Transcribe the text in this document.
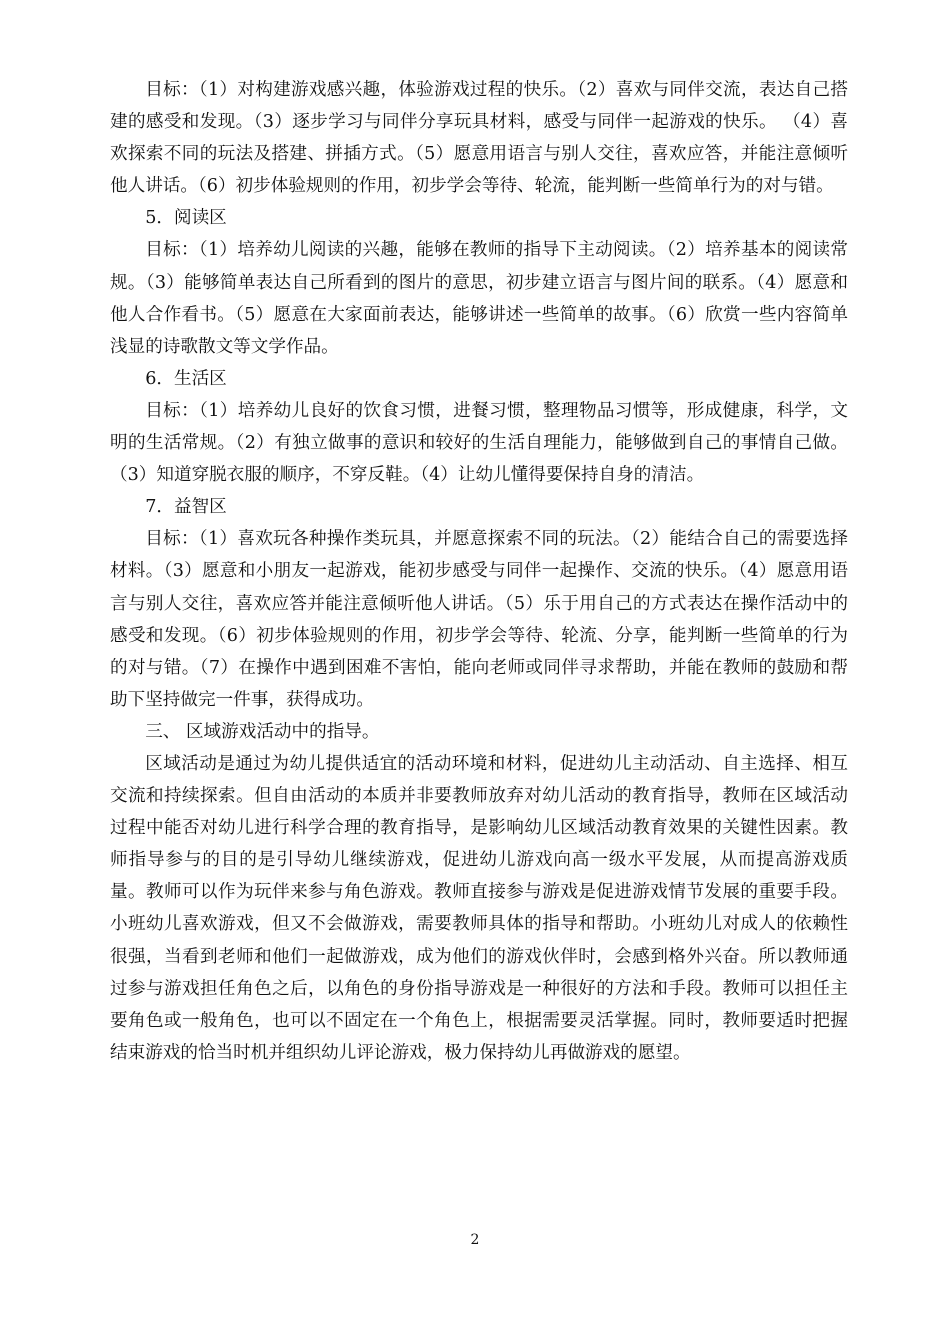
目标：（1）对构建游戏感兴趣，体验游戏过程的快乐。（2）喜欢与同伴交流，表达自己搭建的感受和发现。（3）逐步学习与同伴分享玩具材料，感受与同伴一起游戏的快乐。 （4）喜欢探索不同的玩法及搭建、拼插方式。（5）愿意用语言与别人交往，喜欢应答，并能注意倾听他人讲话。（6）初步体验规则的作用，初步学会等待、轮流，能判断一些简单行为的对与错。

5．阅读区

目标：（1）培养幼儿阅读的兴趣，能够在教师的指导下主动阅读。（2）培养基本的阅读常规。（3）能够简单表达自己所看到的图片的意思，初步建立语言与图片间的联系。（4）愿意和他人合作看书。（5）愿意在大家面前表达，能够讲述一些简单的故事。（6）欣赏一些内容简单浅显的诗歌散文等文学作品。

6．生活区

目标：（1）培养幼儿良好的饮食习惯，进餐习惯，整理物品习惯等，形成健康，科学，文明的生活常规。（2）有独立做事的意识和较好的生活自理能力，能够做到自己的事情自己做。（3）知道穿脱衣服的顺序，不穿反鞋。（4）让幼儿懂得要保持自身的清洁。

7．益智区

目标：（1）喜欢玩各种操作类玩具，并愿意探索不同的玩法。（2）能结合自己的需要选择材料。（3）愿意和小朋友一起游戏，能初步感受与同伴一起操作、交流的快乐。（4）愿意用语言与别人交往，喜欢应答并能注意倾听他人讲话。（5）乐于用自己的方式表达在操作活动中的感受和发现。（6）初步体验规则的作用，初步学会等待、轮流、分享，能判断一些简单的行为的对与错。（7）在操作中遇到困难不害怕，能向老师或同伴寻求帮助，并能在教师的鼓励和帮助下坚持做完一件事，获得成功。

三、 区域游戏活动中的指导。

区域活动是通过为幼儿提供适宜的活动环境和材料，促进幼儿主动活动、自主选择、相互交流和持续探索。但自由活动的本质并非要教师放弃对幼儿活动的教育指导，教师在区域活动过程中能否对幼儿进行科学合理的教育指导，是影响幼儿区域活动教育效果的关键性因素。教师指导参与的目的是引导幼儿继续游戏，促进幼儿游戏向高一级水平发展，从而提高游戏质量。教师可以作为玩伴来参与角色游戏。教师直接参与游戏是促进游戏情节发展的重要手段。小班幼儿喜欢游戏，但又不会做游戏，需要教师具体的指导和帮助。小班幼儿对成人的依赖性很强，当看到老师和他们一起做游戏，成为他们的游戏伙伴时，会感到格外兴奋。所以教师通过参与游戏担任角色之后，以角色的身份指导游戏是一种很好的方法和手段。教师可以担任主要角色或一般角色，也可以不固定在一个角色上，根据需要灵活掌握。同时，教师要适时把握结束游戏的恰当时机并组织幼儿评论游戏，极力保持幼儿再做游戏的愿望。

2
